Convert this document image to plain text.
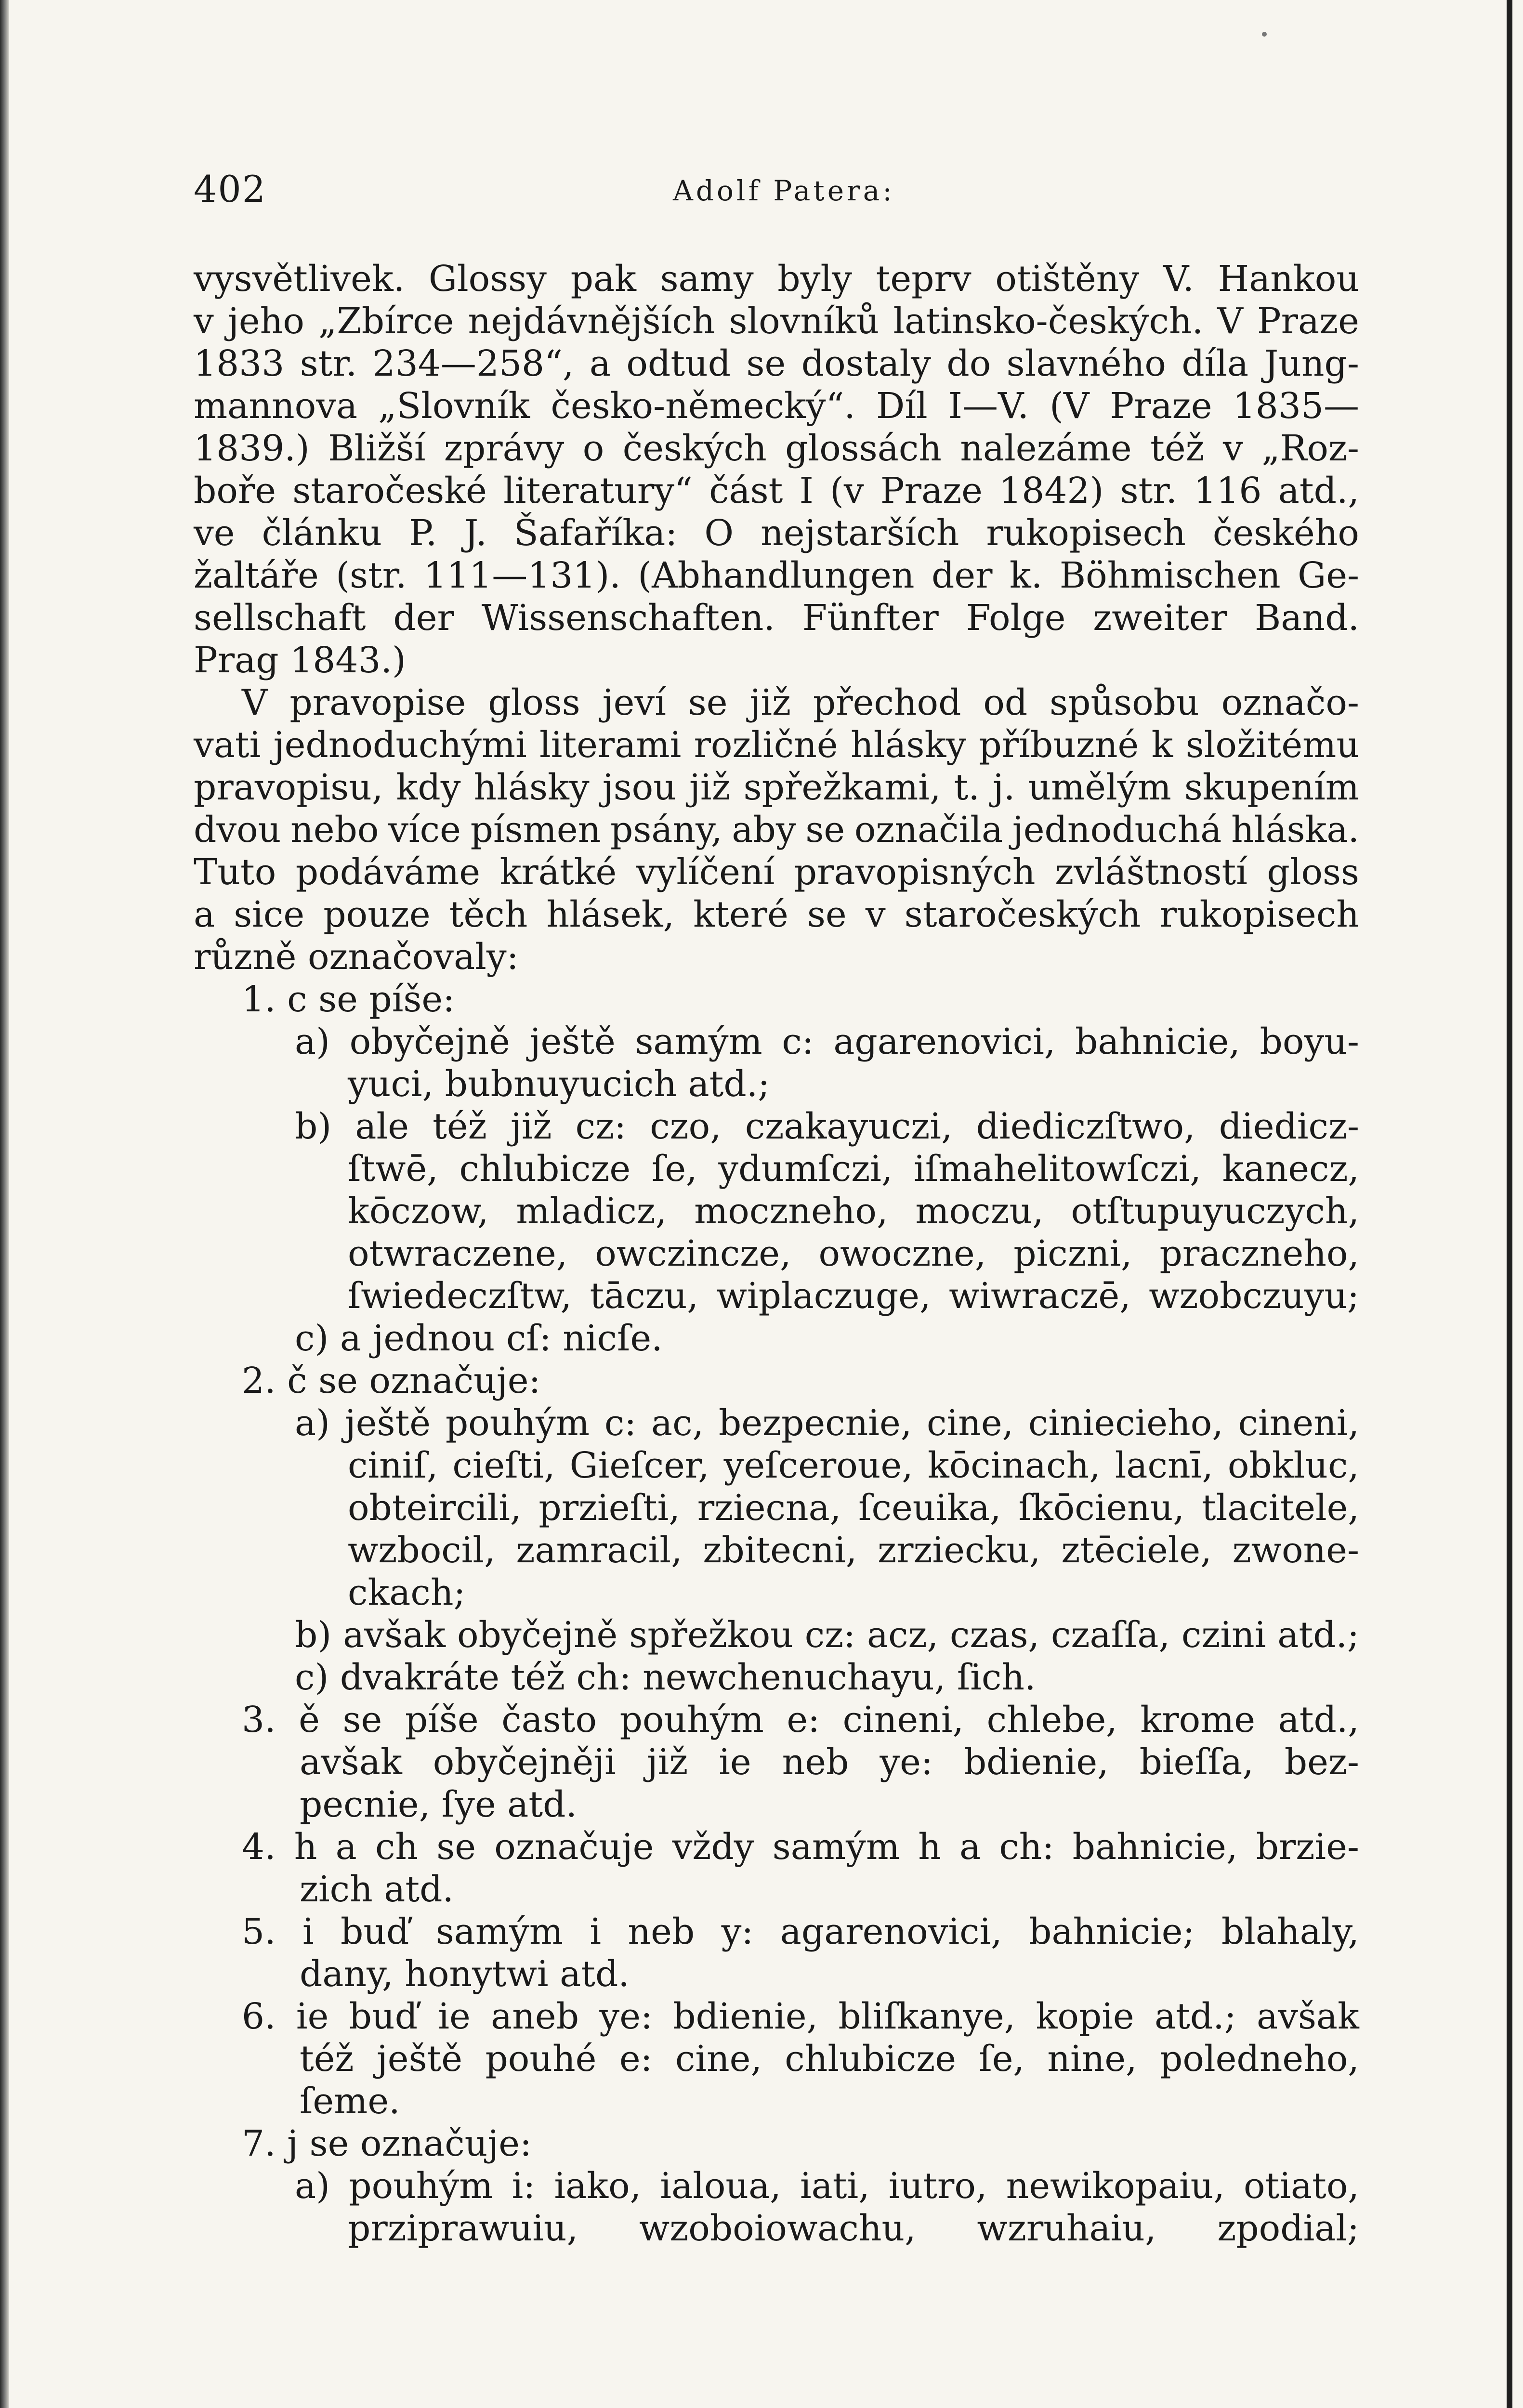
402	Adolf Patera:
vysvětlivek. Glossy pak samy byly teprv otištěny V. Hankou
v jeho „Zbírce nejdávnějších slovníků latinsko-českých. V Praze
1833 str. 234—258“, a odtud se dostaly do slavného díla Jung-
mannova „Slovník česko-německý“. Díl I—V. (V Praze 1835—
1839.) Bližší zprávy o českých glossách nalezáme též v „Roz-
boře staročeské literatury“ část I (v Praze 1842) str. 116 atd.,
ve článku P. J. Šafaříka: O nejstarších rukopisech českého
žaltáře (str. 111—131). (Abhandlungen der k. Böhmischen Ge-
sellschaft der Wissenschaften. Fünfter Folge zweiter Band.
Prag 1843.)
V pravopise gloss jeví se již přechod od spůsobu označo-
vati jednoduchými literami rozličné hlásky příbuzné k složitému
pravopisu, kdy hlásky jsou již spřežkami, t. j. umělým skupením
dvou nebo více písmen psány, aby se označila jednoduchá hláska.
Tuto podáváme krátké vylíčení pravopisných zvláštností gloss
a sice pouze těch hlásek, které se v staročeských rukopisech
různě označovaly:
1. c se píše:
a) obyčejně ještě samým c: agarenovici, bahnicie, boyu-
yuci, bubnuyucich atd.;
b) ale též již cz: czo, czakayuczi, diediczſtwo, diedicz-
ſtwē, chlubicze ſe, ydumſczi, iſmahelitowſczi, kanecz,
kōczow, mladicz, moczneho, moczu, otſtupuyuczych,
otwraczene, owczincze, owoczne, piczni, praczneho,
ſwiedeczſtw, tāczu, wiplaczuge, wiwraczē, wzobczuyu;
c) a jednou cſ: nicſe.
2. č se označuje:
a) ještě pouhým c: ac, bezpecnie, cine, ciniecieho, cineni,
ciniſ, cieſti, Gieſcer, yeſceroue, kōcinach, lacnī, obkluc,
obteircili, przieſti, rziecna, ſceuika, ſkōcienu, tlacitele,
wzbocil, zamracil, zbitecni, zrziecku, ztēciele, zwone-
ckach;
b) avšak obyčejně spřežkou cz: acz, czas, czaſſa, czini atd.;
c) dvakráte též ch: newchenuchayu, ſich.
3. ě se píše často pouhým e: cineni, chlebe, krome atd.,
avšak obyčejněji již ie neb ye: bdienie, bieſſa, bez-
pecnie, ſye atd.
4. h a ch se označuje vždy samým h a ch: bahnicie, brzie-
zich atd.
5. i buď samým i neb y: agarenovici, bahnicie; blahaly,
dany, honytwi atd.
6. ie buď ie aneb ye: bdienie, bliſkanye, kopie atd.; avšak
též ještě pouhé e: cine, chlubicze ſe, nine, poledneho,
ſeme.
7. j se označuje:
a) pouhým i: iako, ialoua, iati, iutro, newikopaiu, otiato,
prziprawuiu, wzoboiowachu, wzruhaiu, zpodial;
